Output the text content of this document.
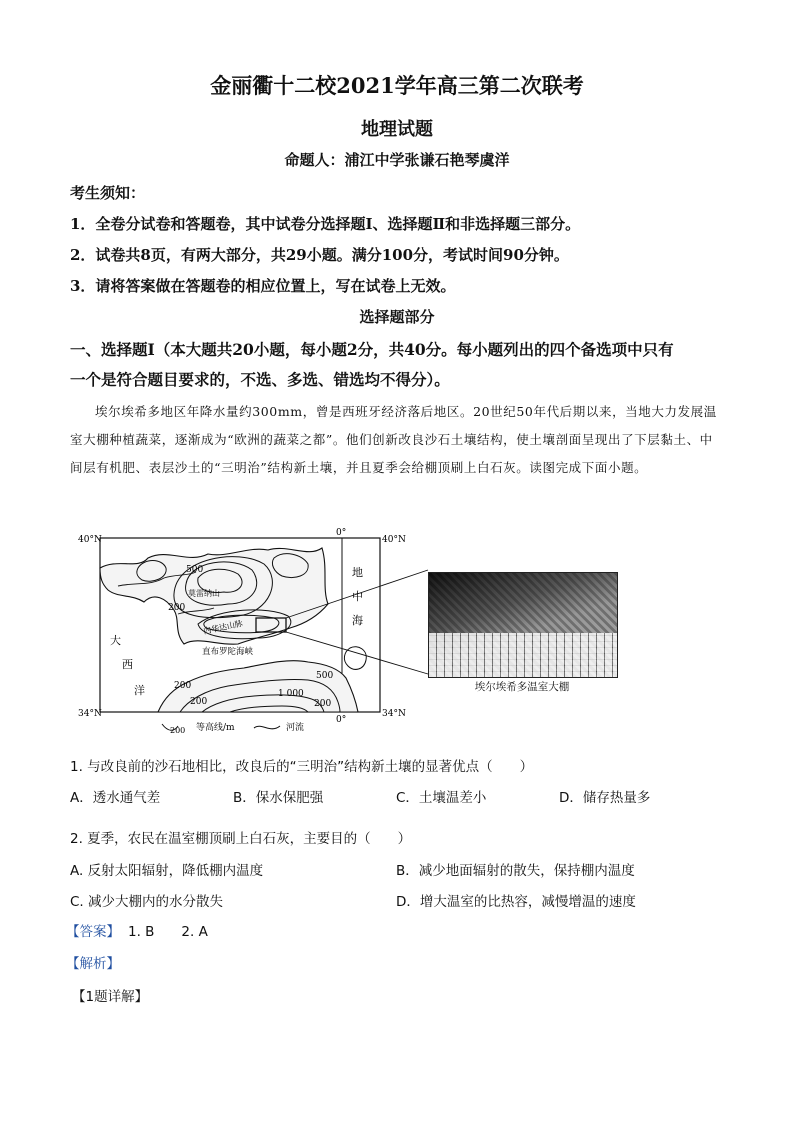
金丽衢十二校2021学年高三第二次联考
地理试题
命题人：浦江中学张谦石艳琴虞洋
考生须知：
1．全卷分试卷和答题卷，其中试卷分选择题Ⅰ、选择题Ⅱ和非选择题三部分。
2．试卷共8页，有两大部分，共29小题。满分100分，考试时间90分钟。
3．请将答案做在答题卷的相应位置上，写在试卷上无效。
选择题部分
一、选择题Ⅰ（本大题共20小题，每小题2分，共40分。每小题列出的四个备选项中只有
一个是符合题目要求的，不选、多选、错选均不得分）。
埃尔埃希多地区年降水量约300mm，曾是西班牙经济落后地区。20世纪50年代后期以来，当地大力发展温室大棚种植蔬菜，逐渐成为“欧洲的蔬菜之都”。他们创新改良沙石土壤结构，使土壤剖面呈现出了下层黏土、中间层有机肥、表层沙土的“三明治”结构新土壤，并且夏季会给棚顶刷上白石灰。读图完成下面小题。
40°N	40°N
34°N	34°N
0°
0°
地
中
海
大
西
洋
莫雷纳山
内华达山脉
直布罗陀海峡
500
200
200
200
500
1 000
200
200 等高线/m	河流
埃尔埃希多温室大棚
1. 与改良前的沙石地相比，改良后的“三明治”结构新土壤的显著优点（　　）
A．透水通气差	B．保水保肥强	C．土壤温差小	D．储存热量多
2. 夏季，农民在温室棚顶刷上白石灰，主要目的（　　）
A. 反射太阳辐射，降低棚内温度	B．减少地面辐射的散失，保持棚内温度
C. 减少大棚内的水分散失	D．增大温室的比热容，减慢增温的速度
【答案】 1. B　　2. A
【解析】
【1题详解】
